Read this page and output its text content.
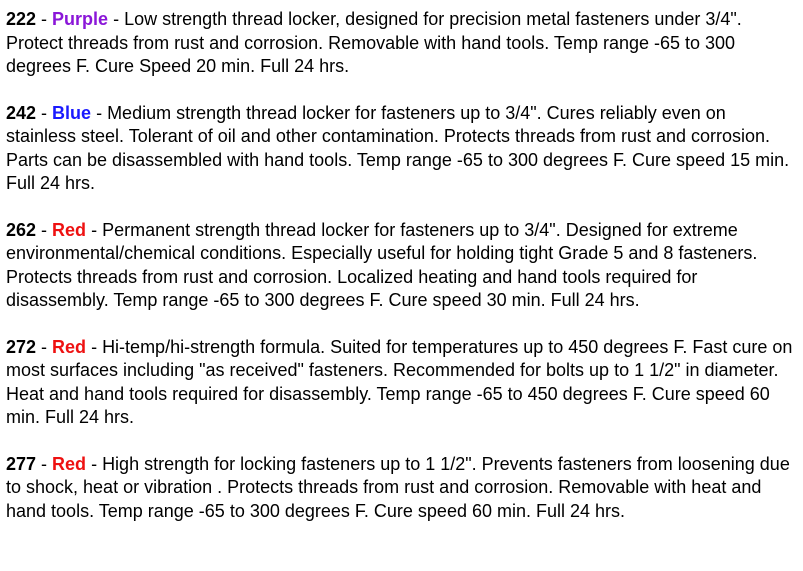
222 - Purple - Low strength thread locker, designed for precision metal fasteners under 3/4". Protect threads from rust and corrosion. Removable with hand tools. Temp range -65 to 300 degrees F. Cure Speed 20 min. Full 24 hrs.

242 - Blue - Medium strength thread locker for fasteners up to 3/4". Cures reliably even on stainless steel. Tolerant of oil and other contamination. Protects threads from rust and corrosion. Parts can be disassembled with hand tools. Temp range -65 to 300 degrees F. Cure speed 15 min. Full 24 hrs.

262 - Red - Permanent strength thread locker for fasteners up to 3/4". Designed for extreme environmental/chemical conditions. Especially useful for holding tight Grade 5 and 8 fasteners. Protects threads from rust and corrosion. Localized heating and hand tools required for disassembly. Temp range -65 to 300 degrees F. Cure speed 30 min. Full 24 hrs.

272 - Red - Hi-temp/hi-strength formula. Suited for temperatures up to 450 degrees F. Fast cure on most surfaces including "as received" fasteners. Recommended for bolts up to 1 1/2" in diameter. Heat and hand tools required for disassembly. Temp range -65 to 450 degrees F. Cure speed 60 min. Full 24 hrs.

277 - Red - High strength for locking fasteners up to 1 1/2". Prevents fasteners from loosening due to shock, heat or vibration . Protects threads from rust and corrosion. Removable with heat and hand tools. Temp range -65 to 300 degrees F. Cure speed 60 min. Full 24 hrs.
